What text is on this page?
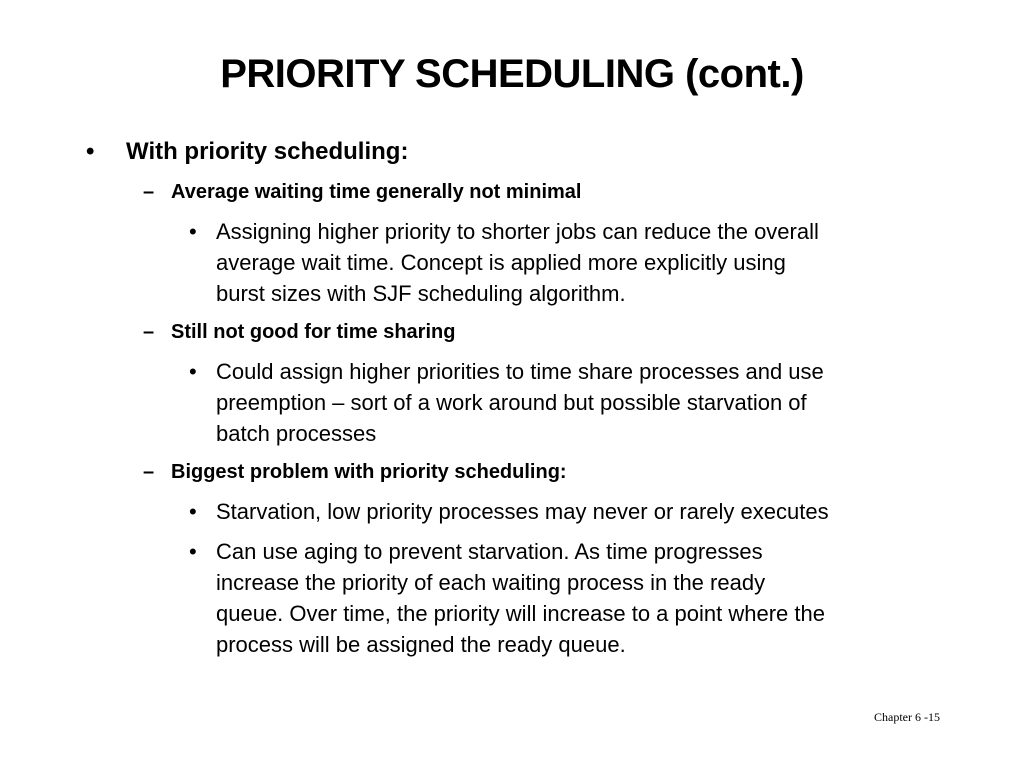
PRIORITY SCHEDULING (cont.)
• With priority scheduling:
– Average waiting time generally not minimal
• Assigning higher priority to shorter jobs can reduce the overall
average wait time. Concept is applied more explicitly using
burst sizes with SJF scheduling algorithm.
– Still not good for time sharing
• Could assign higher priorities to time share processes and use
preemption – sort of a work around but possible starvation of
batch processes
– Biggest problem with priority scheduling:
• Starvation, low priority processes may never or rarely executes
• Can use aging to prevent starvation. As time progresses
increase the priority of each waiting process in the ready
queue. Over time, the priority will increase to a point where the
process will be assigned the ready queue.
Chapter 6 -15
